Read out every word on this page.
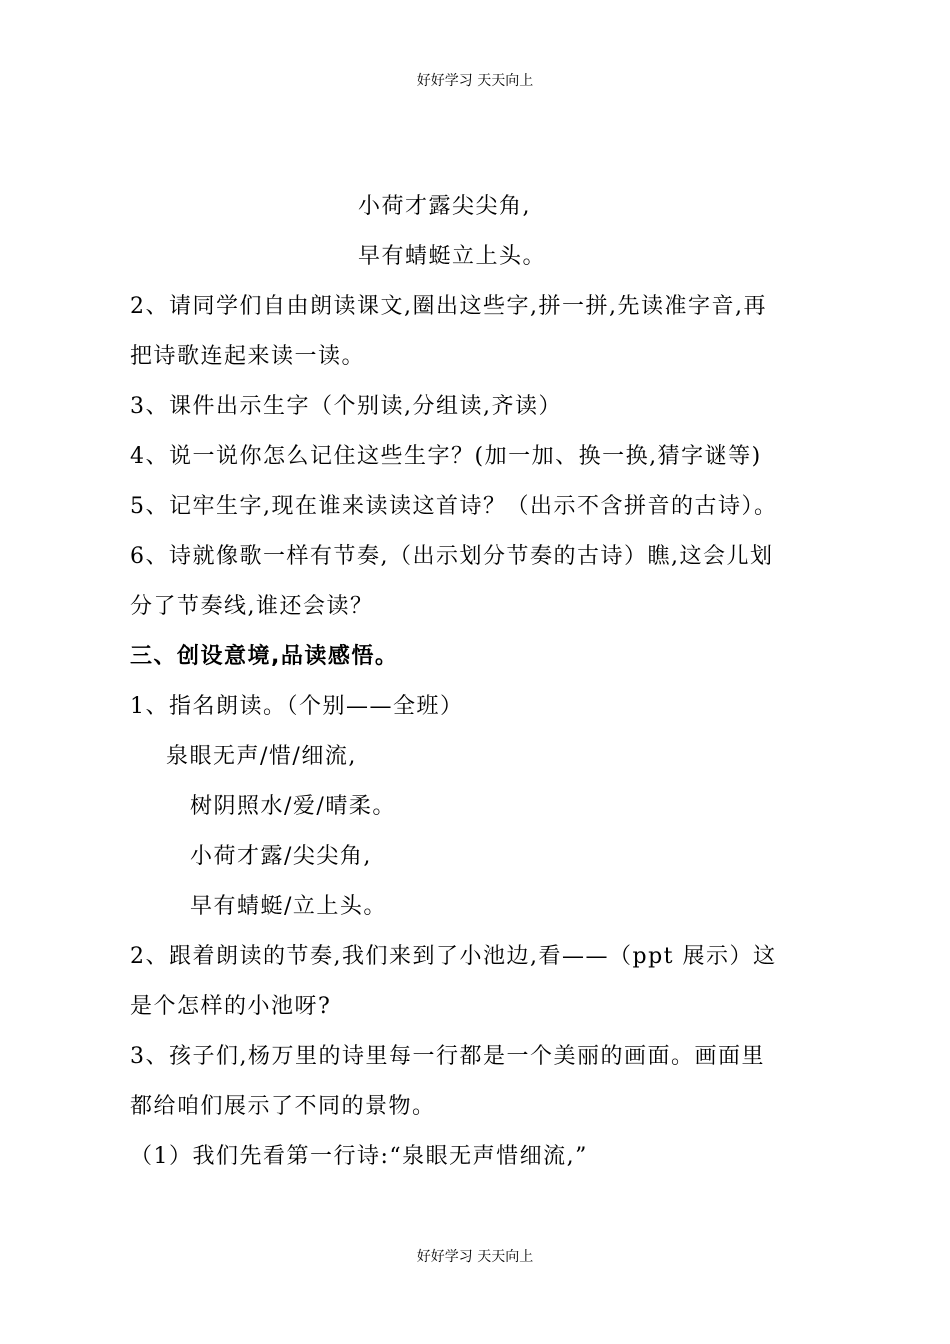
好好学习 天天向上
小荷才露尖尖角,
早有蜻蜓立上头。
2、请同学们自由朗读课文,圈出这些字,拼一拼,先读准字音,再
把诗歌连起来读一读。
3、课件出示生字（个别读,分组读,齐读）
4、说一说你怎么记住这些生字？(加一加、换一换,猜字谜等)
5、记牢生字,现在谁来读读这首诗？（出示不含拼音的古诗）。
6、诗就像歌一样有节奏,（出示划分节奏的古诗）瞧,这会儿划
分了节奏线,谁还会读？
三、创设意境,品读感悟。
1、指名朗读。（个别——全班）
泉眼无声/惜/细流,
树阴照水/爱/晴柔。
小荷才露/尖尖角,
早有蜻蜓/立上头。
2、跟着朗读的节奏,我们来到了小池边,看——（ppt 展示）这
是个怎样的小池呀?
3、孩子们,杨万里的诗里每一行都是一个美丽的画面。画面里
都给咱们展示了不同的景物。
（1）我们先看第一行诗:“泉眼无声惜细流,”
好好学习 天天向上
